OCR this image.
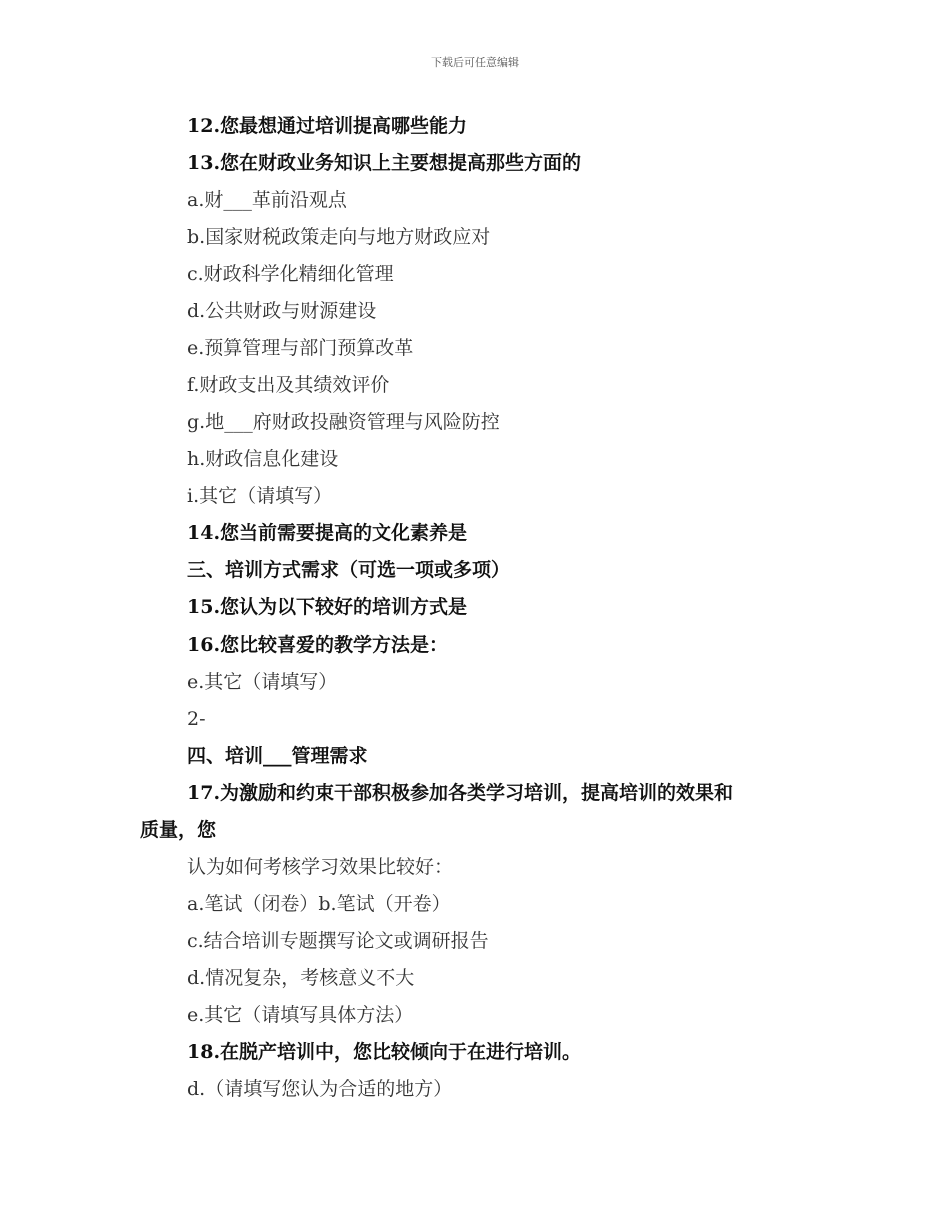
下载后可任意编辑
12.您最想通过培训提高哪些能力
13.您在财政业务知识上主要想提高那些方面的
a.财___革前沿观点
b.国家财税政策走向与地方财政应对
c.财政科学化精细化管理
d.公共财政与财源建设
e.预算管理与部门预算改革
f.财政支出及其绩效评价
g.地___府财政投融资管理与风险防控
h.财政信息化建设
i.其它（请填写）
14.您当前需要提高的文化素养是
三、培训方式需求（可选一项或多项）
15.您认为以下较好的培训方式是
16.您比较喜爱的教学方法是：
e.其它（请填写）
2-
四、培训___管理需求
17.为激励和约束干部积极参加各类学习培训，提高培训的效果和
质量，您
认为如何考核学习效果比较好：
a.笔试（闭卷）b.笔试（开卷）
c.结合培训专题撰写论文或调研报告
d.情况复杂，考核意义不大
e.其它（请填写具体方法）
18.在脱产培训中，您比较倾向于在进行培训。
d.（请填写您认为合适的地方）
